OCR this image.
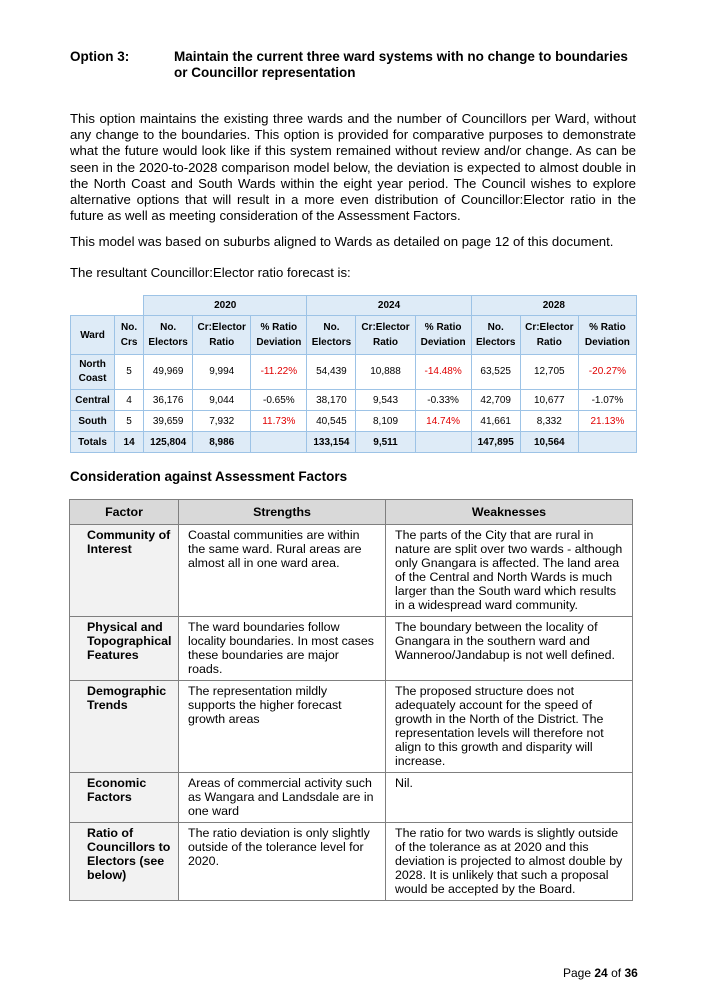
Option 3:	Maintain the current three ward systems with no change to boundaries or Councillor representation
This option maintains the existing three wards and the number of Councillors per Ward, without any change to the boundaries. This option is provided for comparative purposes to demonstrate what the future would look like if this system remained without review and/or change. As can be seen in the 2020-to-2028 comparison model below, the deviation is expected to almost double in the North Coast and South Wards within the eight year period. The Council wishes to explore alternative options that will result in a more even distribution of Councillor:Elector ratio in the future as well as meeting consideration of the Assessment Factors.
This model was based on suburbs aligned to Wards as detailed on page 12 of this document.
The resultant Councillor:Elector ratio forecast is:
		2020			2024			2028		
Ward	No. Crs	No. Electors	Cr:Elector Ratio	% Ratio Deviation	No. Electors	Cr:Elector Ratio	% Ratio Deviation	No. Electors	Cr:Elector Ratio	% Ratio Deviation
North Coast	5	49,969	9,994	-11.22%	54,439	10,888	-14.48%	63,525	12,705	-20.27%
Central	4	36,176	9,044	-0.65%	38,170	9,543	-0.33%	42,709	10,677	-1.07%
South	5	39,659	7,932	11.73%	40,545	8,109	14.74%	41,661	8,332	21.13%
Totals	14	125,804	8,986		133,154	9,511		147,895	10,564	
Consideration against Assessment Factors
Factor	Strengths	Weaknesses
Community of Interest	Coastal communities are within the same ward. Rural areas are almost all in one ward area.	The parts of the City that are rural in nature are split over two wards - although only Gnangara is affected. The land area of the Central and North Wards is much larger than the South ward which results in a widespread ward community.
Physical and Topographical Features	The ward boundaries follow locality boundaries. In most cases these boundaries are major roads.	The boundary between the locality of Gnangara in the southern ward and Wanneroo/Jandabup is not well defined.
Demographic Trends	The representation mildly supports the higher forecast growth areas	The proposed structure does not adequately account for the speed of growth in the North of the District. The representation levels will therefore not align to this growth and disparity will increase.
Economic Factors	Areas of commercial activity such as Wangara and Landsdale are in one ward	Nil.
Ratio of Councillors to Electors (see below)	The ratio deviation is only slightly outside of the tolerance level for 2020.	The ratio for two wards is slightly outside of the tolerance as at 2020 and this deviation is projected to almost double by 2028. It is unlikely that such a proposal would be accepted by the Board.
Page 24 of 36
